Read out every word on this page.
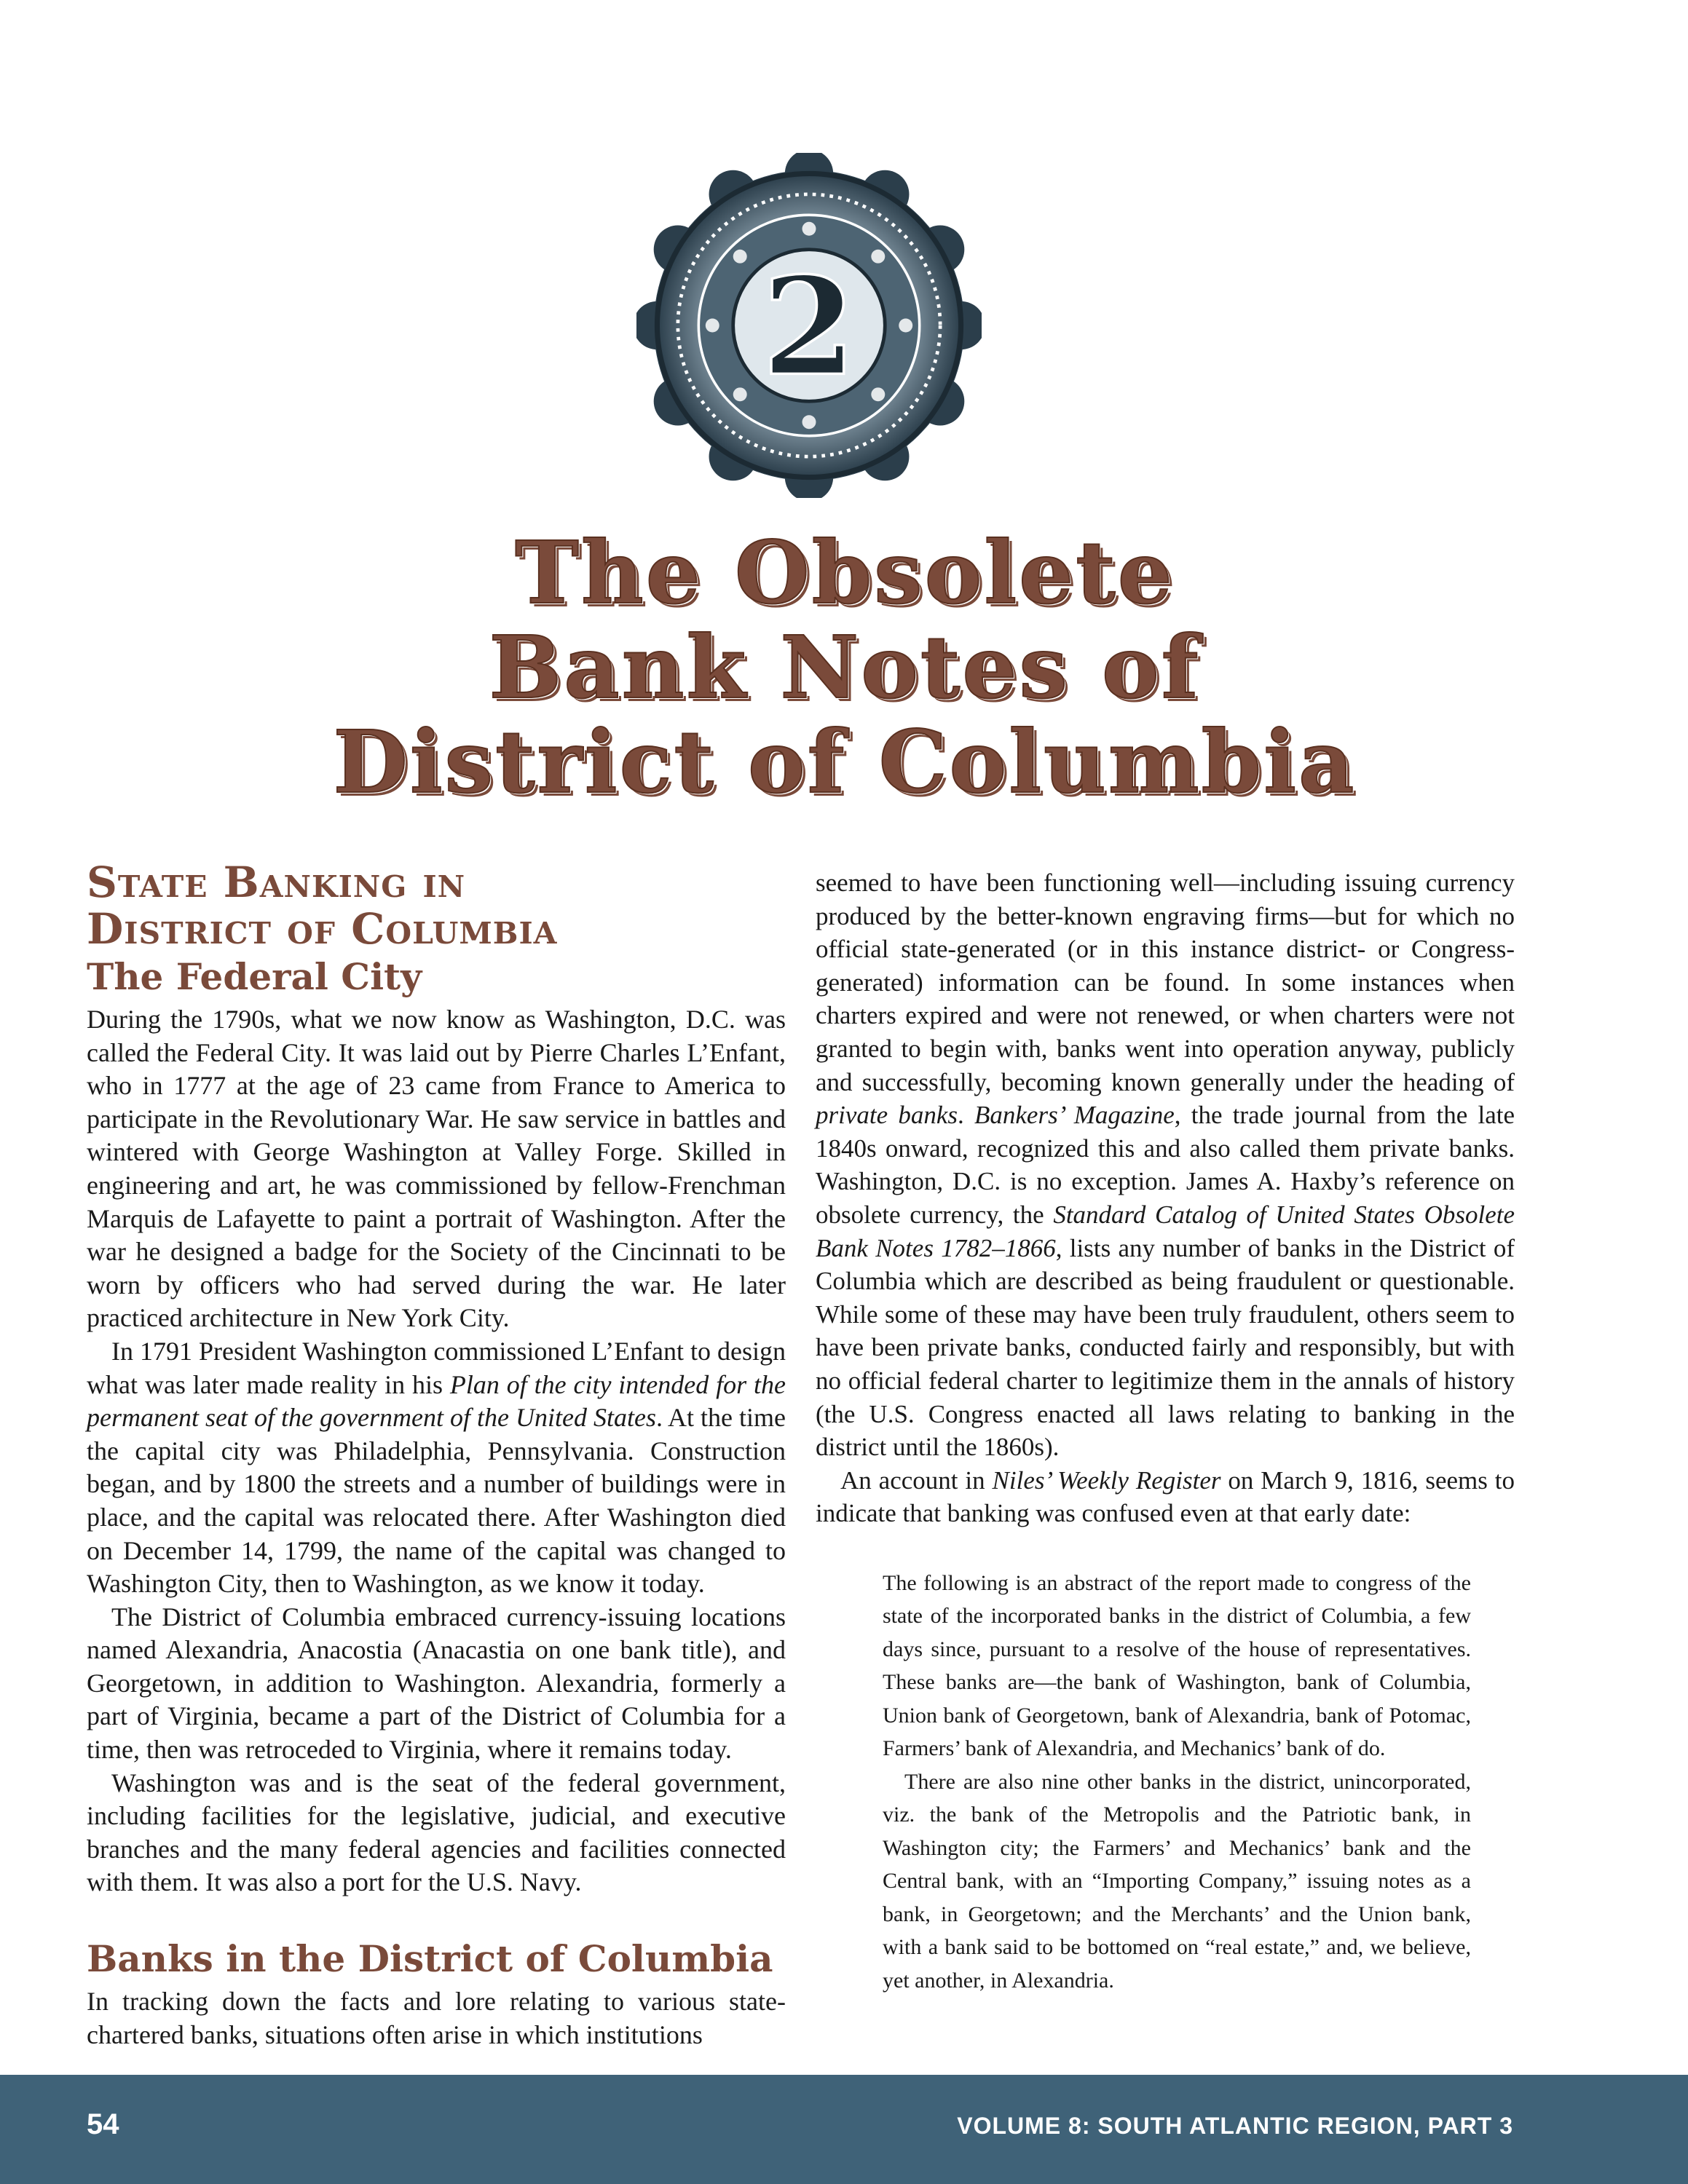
2
The Obsolete
Bank Notes of
District of Columbia
State Banking in
District of Columbia
The Federal City

During the 1790s, what we now know as Washington, D.C. was called the Federal City. It was laid out by Pierre Charles L’Enfant, who in 1777 at the age of 23 came from France to America to participate in the Revolutionary War. He saw service in battles and wintered with George Washington at Valley Forge. Skilled in engineering and art, he was commissioned by fellow-Frenchman Marquis de Lafayette to paint a portrait of Washington. After the war he designed a badge for the Society of the Cincinnati to be worn by officers who had served during the war. He later practiced architecture in New York City.

In 1791 President Washington commissioned L’Enfant to design what was later made reality in his Plan of the city intended for the permanent seat of the government of the United States. At the time the capital city was Philadelphia, Pennsylvania. Construction began, and by 1800 the streets and a number of buildings were in place, and the capital was relocated there. After Washington died on December 14, 1799, the name of the capital was changed to Washington City, then to Washington, as we know it today.

The District of Columbia embraced currency-issuing locations named Alexandria, Anacostia (Anacastia on one bank title), and Georgetown, in addition to Washington. Alexandria, formerly a part of Virginia, became a part of the District of Columbia for a time, then was retroceded to Virginia, where it remains today.

Washington was and is the seat of the federal government, including facilities for the legislative, judicial, and executive branches and the many federal agencies and facilities connected with them. It was also a port for the U.S. Navy.

Banks in the District of Columbia

In tracking down the facts and lore relating to various state-chartered banks, situations often arise in which institutions

seemed to have been functioning well—including issuing currency produced by the better-known engraving firms—but for which no official state-generated (or in this instance district- or Congress-generated) information can be found. In some instances when charters expired and were not renewed, or when charters were not granted to begin with, banks went into operation anyway, publicly and successfully, becoming known generally under the heading of private banks. Bankers’ Magazine, the trade journal from the late 1840s onward, recognized this and also called them private banks. Washington, D.C. is no exception. James A. Haxby’s reference on obsolete currency, the Standard Catalog of United States Obsolete Bank Notes 1782–1866, lists any number of banks in the District of Columbia which are described as being fraudulent or questionable. While some of these may have been truly fraudulent, others seem to have been private banks, conducted fairly and responsibly, but with no official federal charter to legitimize them in the annals of history (the U.S. Congress enacted all laws relating to banking in the district until the 1860s).

An account in Niles’ Weekly Register on March 9, 1816, seems to indicate that banking was confused even at that early date:

The following is an abstract of the report made to congress of the state of the incorporated banks in the district of Columbia, a few days since, pursuant to a resolve of the house of representatives. These banks are—the bank of Washington, bank of Columbia, Union bank of Georgetown, bank of Alexandria, bank of Potomac, Farmers’ bank of Alexandria, and Mechanics’ bank of do.

There are also nine other banks in the district, unincorporated, viz. the bank of the Metropolis and the Patriotic bank, in Washington city; the Farmers’ and Mechanics’ bank and the Central bank, with an “Importing Company,” issuing notes as a bank, in Georgetown; and the Merchants’ and the Union bank, with a bank said to be bottomed on “real estate,” and, we believe, yet another, in Alexandria.

54	VOLUME 8: SOUTH ATLANTIC REGION, PART 3
